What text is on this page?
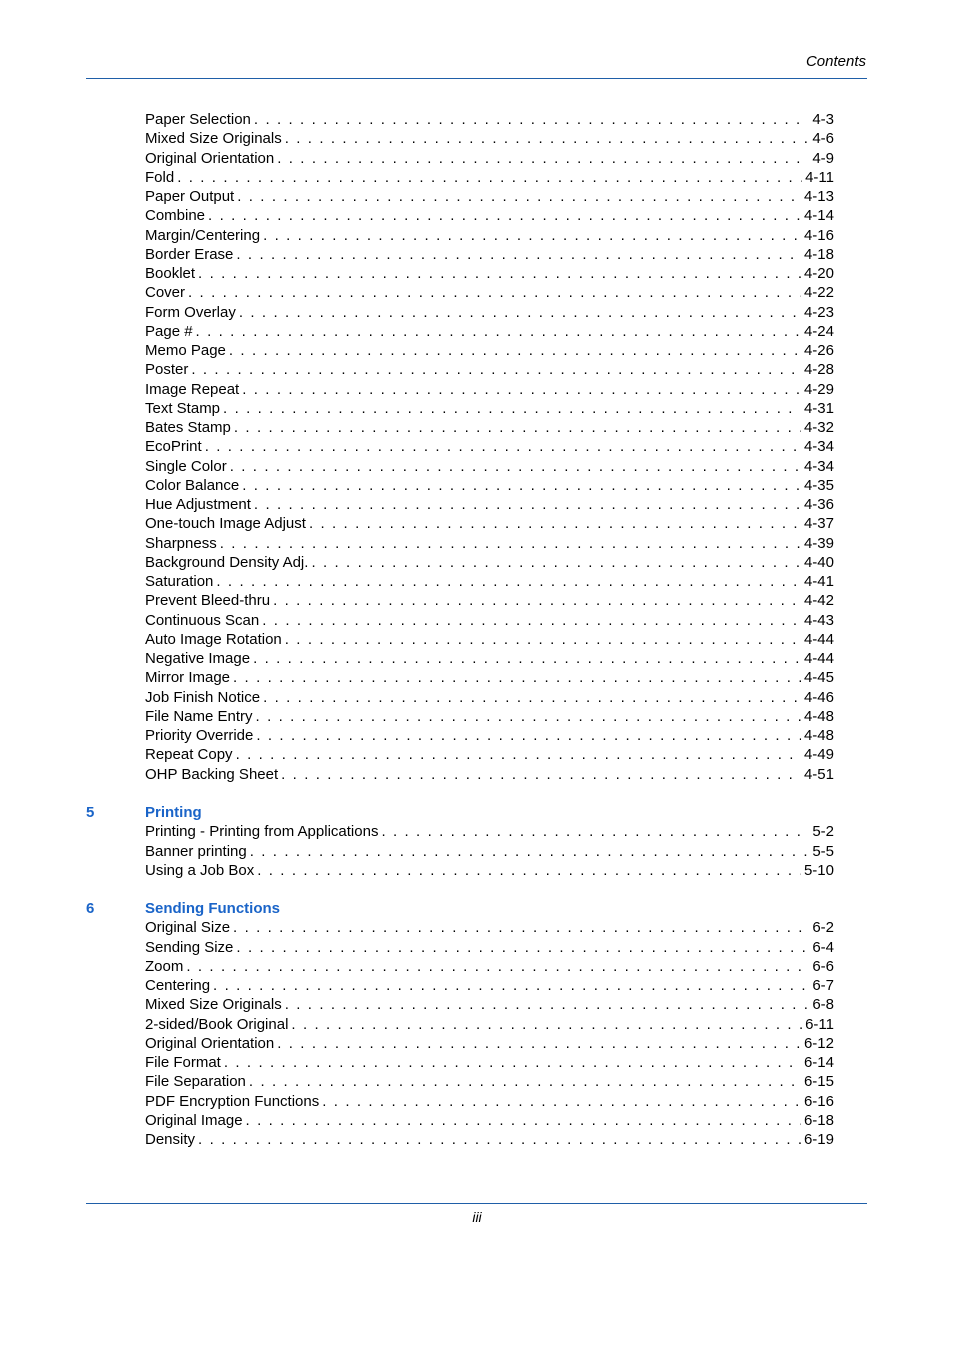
Contents
Paper Selection . . .	4-3
Mixed Size Originals . . .	4-6
Original Orientation . . .	4-9
Fold . . .	4-11
Paper Output . . .	4-13
Combine . . .	4-14
Margin/Centering . . .	4-16
Border Erase . . .	4-18
Booklet . . .	4-20
Cover . . .	4-22
Form Overlay . . .	4-23
Page # . . .	4-24
Memo Page . . .	4-26
Poster . . .	4-28
Image Repeat . . .	4-29
Text Stamp . . .	4-31
Bates Stamp . . .	4-32
EcoPrint . . .	4-34
Single Color . . .	4-34
Color Balance . . .	4-35
Hue Adjustment . . .	4-36
One-touch Image Adjust . . .	4-37
Sharpness . . .	4-39
Background Density Adj. . . .	4-40
Saturation . . .	4-41
Prevent Bleed-thru . . .	4-42
Continuous Scan . . .	4-43
Auto Image Rotation . . .	4-44
Negative Image . . .	4-44
Mirror Image . . .	4-45
Job Finish Notice . . .	4-46
File Name Entry . . .	4-48
Priority Override . . .	4-48
Repeat Copy . . .	4-49
OHP Backing Sheet . . .	4-51
5	Printing
Printing - Printing from Applications . . .	5-2
Banner printing . . .	5-5
Using a Job Box . . .	5-10
6	Sending Functions
Original Size . . .	6-2
Sending Size . . .	6-4
Zoom . . .	6-6
Centering . . .	6-7
Mixed Size Originals . . .	6-8
2-sided/Book Original . . .	6-11
Original Orientation . . .	6-12
File Format . . .	6-14
File Separation . . .	6-15
PDF Encryption Functions . . .	6-16
Original Image . . .	6-18
Density . . .	6-19
iii
